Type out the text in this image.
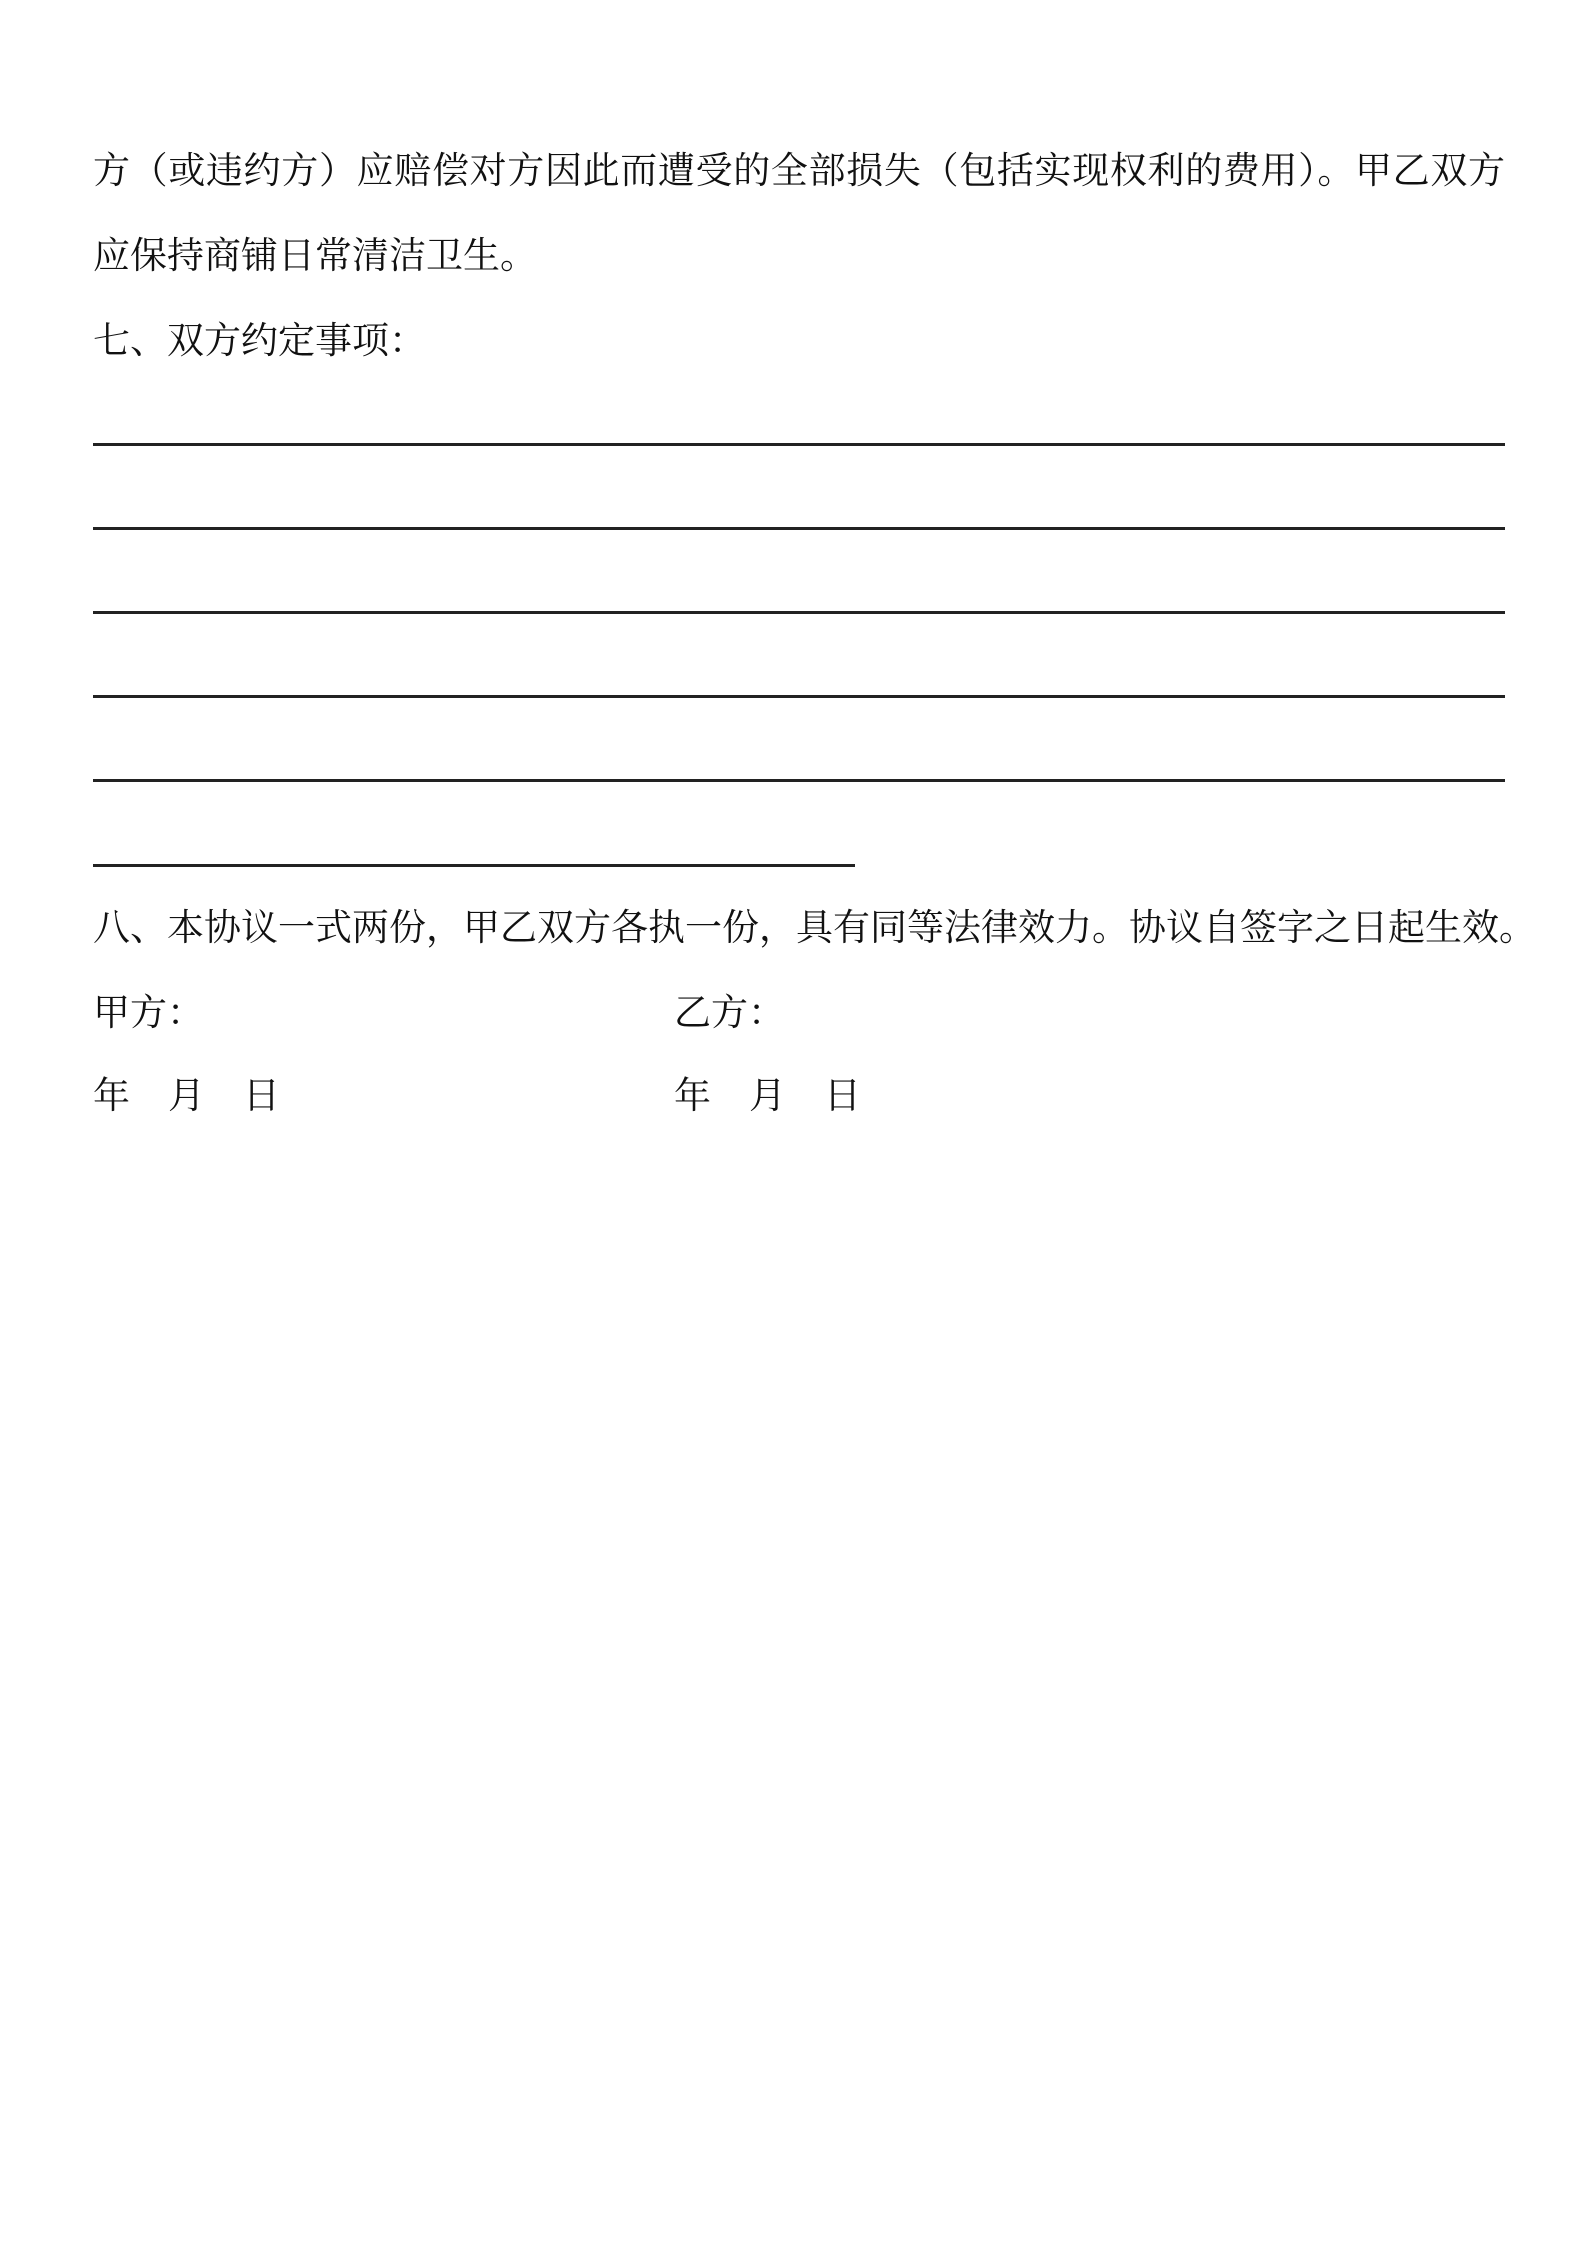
方（或违约方）应赔偿对方因此而遭受的全部损失（包括实现权利的费用）。甲乙双方
应保持商铺日常清洁卫生。
七、双方约定事项：
八、本协议一式两份，甲乙双方各执一份，具有同等法律效力。协议自签字之日起生效。
甲方：	乙方：
年 月 日	年 月 日
